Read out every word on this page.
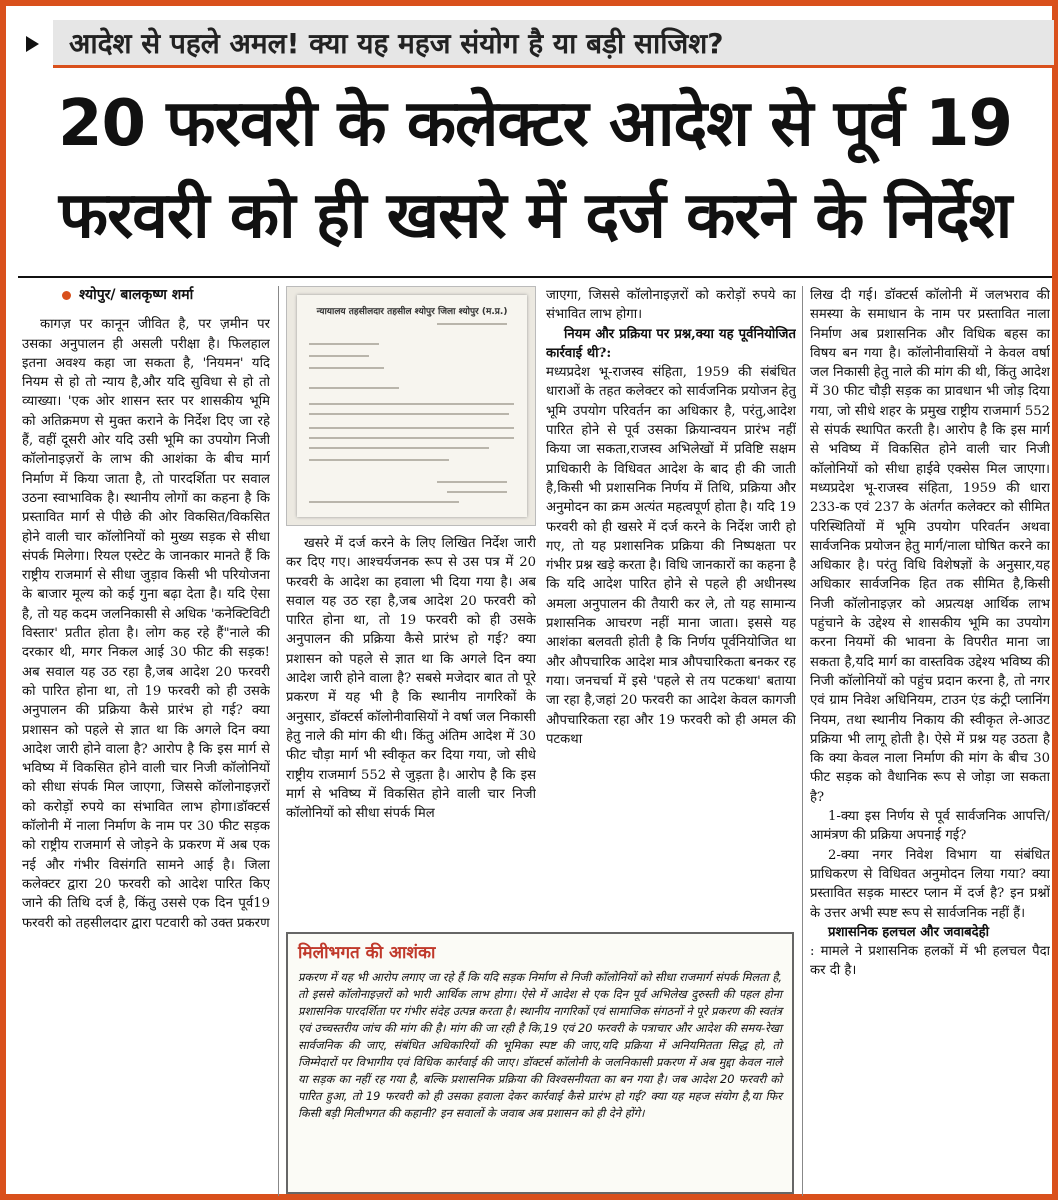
आदेश से पहले अमल! क्या यह महज संयोग है या बड़ी साजिश?
20 फरवरी के कलेक्टर आदेश से पूर्व 19 फरवरी को ही खसरे में दर्ज करने के निर्देश
श्योपुर/ बालकृष्ण शर्मा

कागज़ पर कानून जीवित है, पर ज़मीन पर उसका अनुपालन ही असली परीक्षा है। फिलहाल इतना अवश्य कहा जा सकता है, 'नियमन' यदि नियम से हो तो न्याय है,और यदि सुविधा से हो तो व्याख्या। 'एक ओर शासन स्तर पर शासकीय भूमि को अतिक्रमण से मुक्त कराने के निर्देश दिए जा रहे हैं, वहीं दूसरी ओर यदि उसी भूमि का उपयोग निजी कॉलोनाइज़रों के लाभ की आशंका के बीच मार्ग निर्माण में किया जाता है, तो पारदर्शिता पर सवाल उठना स्वाभाविक है। स्थानीय लोगों का कहना है कि प्रस्तावित मार्ग से पीछे की ओर विकसित/विकसित होने वाली चार कॉलोनियों को मुख्य सड़क से सीधा संपर्क मिलेगा। रियल एस्टेट के जानकार मानते हैं कि राष्ट्रीय राजमार्ग से सीधा जुड़ाव किसी भी परियोजना के बाजार मूल्य को कई गुना बढ़ा देता है। यदि ऐसा है, तो यह कदम जलनिकासी से अधिक 'कनेक्टिविटी विस्तार' प्रतीत होता है। लोग कह रहे हैं"नाले की दरकार थी, मगर निकल आई 30 फीट की सड़क! अब सवाल यह उठ रहा है,जब आदेश 20 फरवरी को पारित होना था, तो 19 फरवरी को ही उसके अनुपालन की प्रक्रिया कैसे प्रारंभ हो गई? क्या प्रशासन को पहले से ज्ञात था कि अगले दिन क्या आदेश जारी होने वाला है? आरोप है कि इस मार्ग से भविष्य में विकसित होने वाली चार निजी कॉलोनियों को सीधा संपर्क मिल जाएगा, जिससे कॉलोनाइज़रों को करोड़ों रुपये का संभावित लाभ होगा।डॉक्टर्स कॉलोनी में नाला निर्माण के नाम पर 30 फीट सड़क को राष्ट्रीय राजमार्ग से जोड़ने के प्रकरण में अब एक नई और गंभीर विसंगति सामने आई है। जिला कलेक्टर द्वारा 20 फरवरी को आदेश पारित किए जाने की तिथि दर्ज है, किंतु उससे एक दिन पूर्व19 फरवरी को तहसीलदार द्वारा पटवारी को उक्त प्रकरण

न्यायालय तहसीलदार तहसील श्योपुर जिला श्योपुर (म.प्र.)

खसरे में दर्ज करने के लिए लिखित निर्देश जारी कर दिए गए। आश्चर्यजनक रूप से उस पत्र में 20 फरवरी के आदेश का हवाला भी दिया गया है। अब सवाल यह उठ रहा है,जब आदेश 20 फरवरी को पारित होना था, तो 19 फरवरी को ही उसके अनुपालन की प्रक्रिया कैसे प्रारंभ हो गई? क्या प्रशासन को पहले से ज्ञात था कि अगले दिन क्या आदेश जारी होने वाला है? सबसे मजेदार बात तो पूरे प्रकरण में यह भी है कि स्थानीय नागरिकों के अनुसार, डॉक्टर्स कॉलोनीवासियों ने वर्षा जल निकासी हेतु नाले की मांग की थी। किंतु अंतिम आदेश में 30 फीट चौड़ा मार्ग भी स्वीकृत कर दिया गया, जो सीधे राष्ट्रीय राजमार्ग 552 से जुड़ता है। आरोप है कि इस मार्ग से भविष्य में विकसित होने वाली चार निजी कॉलोनियों को सीधा संपर्क मिल

जाएगा, जिससे कॉलोनाइज़रों को करोड़ों रुपये का संभावित लाभ होगा।

नियम और प्रक्रिया पर प्रश्न,क्या यह पूर्वनियोजित कार्रवाई थी?:

मध्यप्रदेश भू-राजस्व संहिता, 1959 की संबंधित धाराओं के तहत कलेक्टर को सार्वजनिक प्रयोजन हेतु भूमि उपयोग परिवर्तन का अधिकार है, परंतु,आदेश पारित होने से पूर्व उसका क्रियान्वयन प्रारंभ नहीं किया जा सकता,राजस्व अभिलेखों में प्रविष्टि सक्षम प्राधिकारी के विधिवत आदेश के बाद ही की जाती है,किसी भी प्रशासनिक निर्णय में तिथि, प्रक्रिया और अनुमोदन का क्रम अत्यंत महत्वपूर्ण होता है। यदि 19 फरवरी को ही खसरे में दर्ज करने के निर्देश जारी हो गए, तो यह प्रशासनिक प्रक्रिया की निष्पक्षता पर गंभीर प्रश्न खड़े करता है। विधि जानकारों का कहना है कि यदि आदेश पारित होने से पहले ही अधीनस्थ अमला अनुपालन की तैयारी कर ले, तो यह सामान्य प्रशासनिक आचरण नहीं माना जाता। इससे यह आशंका बलवती होती है कि निर्णय पूर्वनियोजित था और औपचारिक आदेश मात्र औपचारिकता बनकर रह गया। जनचर्चा में इसे 'पहले से तय पटकथा' बताया जा रहा है,जहां 20 फरवरी का आदेश केवल कागजी औपचारिकता रहा और 19 फरवरी को ही अमल की पटकथा

लिख दी गई। डॉक्टर्स कॉलोनी में जलभराव की समस्या के समाधान के नाम पर प्रस्तावित नाला निर्माण अब प्रशासनिक और विधिक बहस का विषय बन गया है। कॉलोनीवासियों ने केवल वर्षा जल निकासी हेतु नाले की मांग की थी, किंतु आदेश में 30 फीट चौड़ी सड़क का प्रावधान भी जोड़ दिया गया, जो सीधे शहर के प्रमुख राष्ट्रीय राजमार्ग 552 से संपर्क स्थापित करती है। आरोप है कि इस मार्ग से भविष्य में विकसित होने वाली चार निजी कॉलोनियों को सीधा हाईवे एक्सेस मिल जाएगा। मध्यप्रदेश भू-राजस्व संहिता, 1959 की धारा 233-क एवं 237 के अंतर्गत कलेक्टर को सीमित परिस्थितियों में भूमि उपयोग परिवर्तन अथवा सार्वजनिक प्रयोजन हेतु मार्ग/नाला घोषित करने का अधिकार है। परंतु विधि विशेषज्ञों के अनुसार,यह अधिकार सार्वजनिक हित तक सीमित है,किसी निजी कॉलोनाइज़र को अप्रत्यक्ष आर्थिक लाभ पहुंचाने के उद्देश्य से शासकीय भूमि का उपयोग करना नियमों की भावना के विपरीत माना जा सकता है,यदि मार्ग का वास्तविक उद्देश्य भविष्य की निजी कॉलोनियों को पहुंच प्रदान करना है, तो नगर एवं ग्राम निवेश अधिनियम, टाउन एंड कंट्री प्लानिंग नियम, तथा स्थानीय निकाय की स्वीकृत ले-आउट प्रक्रिया भी लागू होती है। ऐसे में प्रश्न यह उठता है कि क्या केवल नाला निर्माण की मांग के बीच 30 फीट सड़क को वैधानिक रूप से जोड़ा जा सकता है?

1-क्या इस निर्णय से पूर्व सार्वजनिक आपत्ति/आमंत्रण की प्रक्रिया अपनाई गई?

2-क्या नगर निवेश विभाग या संबंधित प्राधिकरण से विधिवत अनुमोदन लिया गया? क्या प्रस्तावित सड़क मास्टर प्लान में दर्ज है? इन प्रश्नों के उत्तर अभी स्पष्ट रूप से सार्वजनिक नहीं हैं।

प्रशासनिक हलचल और जवाबदेही

: मामले ने प्रशासनिक हलकों में भी हलचल पैदा कर दी है।

मिलीभगत की आशंका
प्रकरण में यह भी आरोप लगाए जा रहे हैं कि यदि सड़क निर्माण से निजी कॉलोनियों को सीधा राजमार्ग संपर्क मिलता है, तो इससे कॉलोनाइज़रों को भारी आर्थिक लाभ होगा। ऐसे में आदेश से एक दिन पूर्व अभिलेख दुरुस्ती की पहल होना प्रशासनिक पारदर्शिता पर गंभीर संदेह उत्पन्न करता है। स्थानीय नागरिकों एवं सामाजिक संगठनों ने पूरे प्रकरण की स्वतंत्र एवं उच्चस्तरीय जांच की मांग की है। मांग की जा रही है कि,19 एवं 20 फरवरी के पत्राचार और आदेश की समय-रेखा सार्वजनिक की जाए, संबंधित अधिकारियों की भूमिका स्पष्ट की जाए,यदि प्रक्रिया में अनियमितता सिद्ध हो, तो जिम्मेदारों पर विभागीय एवं विधिक कार्रवाई की जाए। डॉक्टर्स कॉलोनी के जलनिकासी प्रकरण में अब मुद्दा केवल नाले या सड़क का नहीं रह गया है, बल्कि प्रशासनिक प्रक्रिया की विश्वसनीयता का बन गया है। जब आदेश 20 फरवरी को पारित हुआ, तो 19 फरवरी को ही उसका हवाला देकर कार्रवाई कैसे प्रारंभ हो गई? क्या यह महज संयोग है,या फिर किसी बड़ी मिलीभगत की कहानी? इन सवालों के जवाब अब प्रशासन को ही देने होंगे।
